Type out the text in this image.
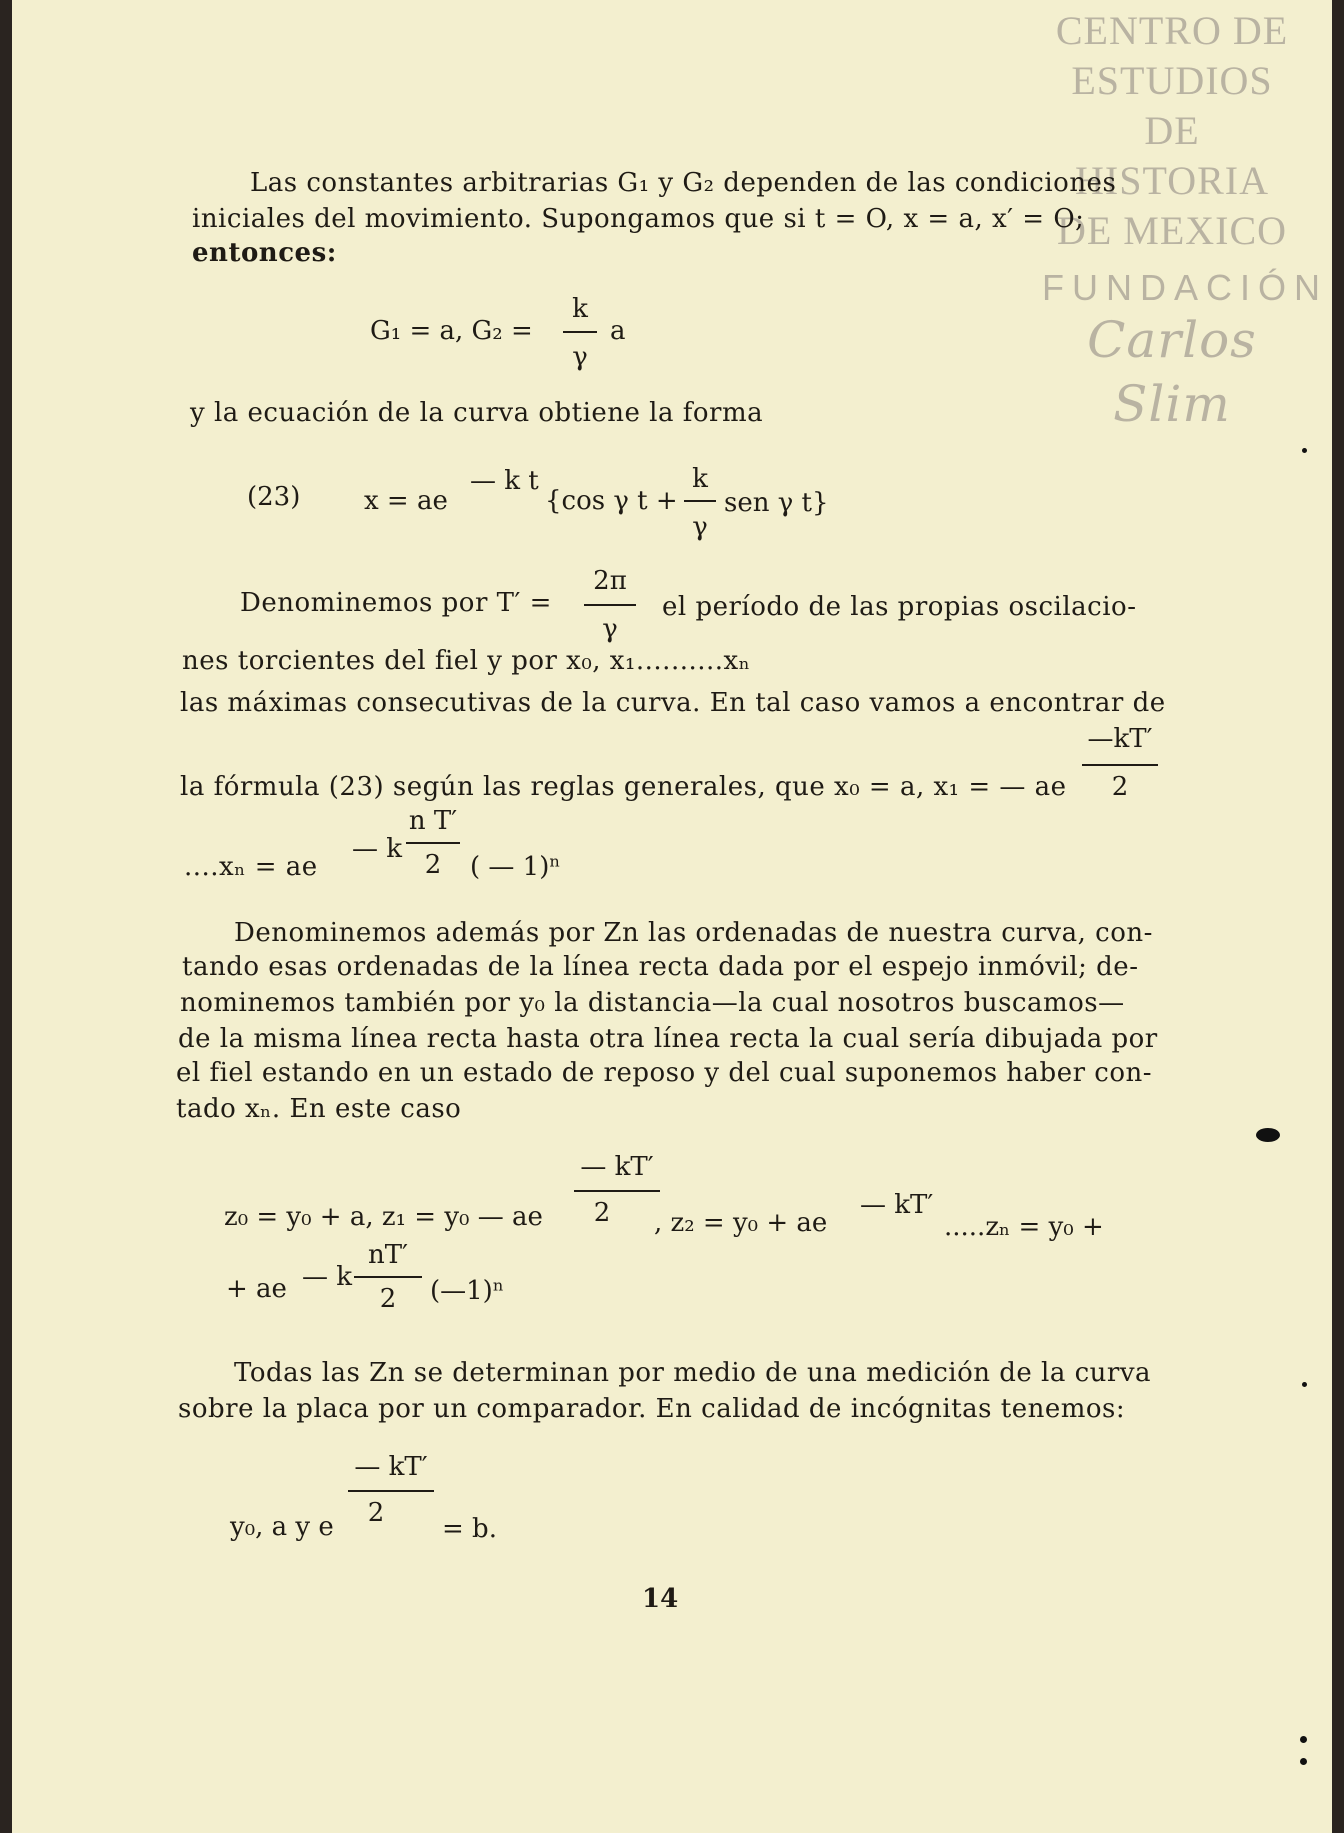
CENTRO DE
ESTUDIOS
DE HISTORIA
DE MEXICO
FUNDACIÓN
Carlos Slim
Las constantes arbitrarias G₁ y G₂ dependen de las condiciones
iniciales del movimiento. Supongamos que si t = O, x = a, x′ = O;
entonces:
G₁ = a, G₂ =
k
γ
a
y la ecuación de la curva obtiene la forma
(23) x = ae
— k t
{cos γ t +
k
γ
sen γ t}
Denominemos por T′ =
2π
γ
el período de las propias oscilacio-
nes torcientes del fiel y por x₀, x₁..........xₙ
las máximas consecutivas de la curva. En tal caso vamos a encontrar de
—kT′
2
la fórmula (23) según las reglas generales, que x₀ = a, x₁ = — ae
....xₙ = ae
— k
n T′
2	( — 1)ⁿ
Denominemos además por Zn las ordenadas de nuestra curva, con-
tando esas ordenadas de la línea recta dada por el espejo inmóvil; de-
nominemos también por y₀ la distancia—la cual nosotros buscamos—
de la misma línea recta hasta otra línea recta la cual sería dibujada por
el fiel estando en un estado de reposo y del cual suponemos haber con-
tado xₙ. En este caso
z₀ = y₀ + a, z₁ = y₀ — ae
— kT′
2	, z₂ = y₀ + ae
— kT′
.....zₙ = y₀ +
+ ae — k
nT′
2	(—1)ⁿ
Todas las Zn se determinan por medio de una medición de la curva
sobre la placa por un comparador. En calidad de incógnitas tenemos:
y₀, a y e
— kT′
2
= b.
14
